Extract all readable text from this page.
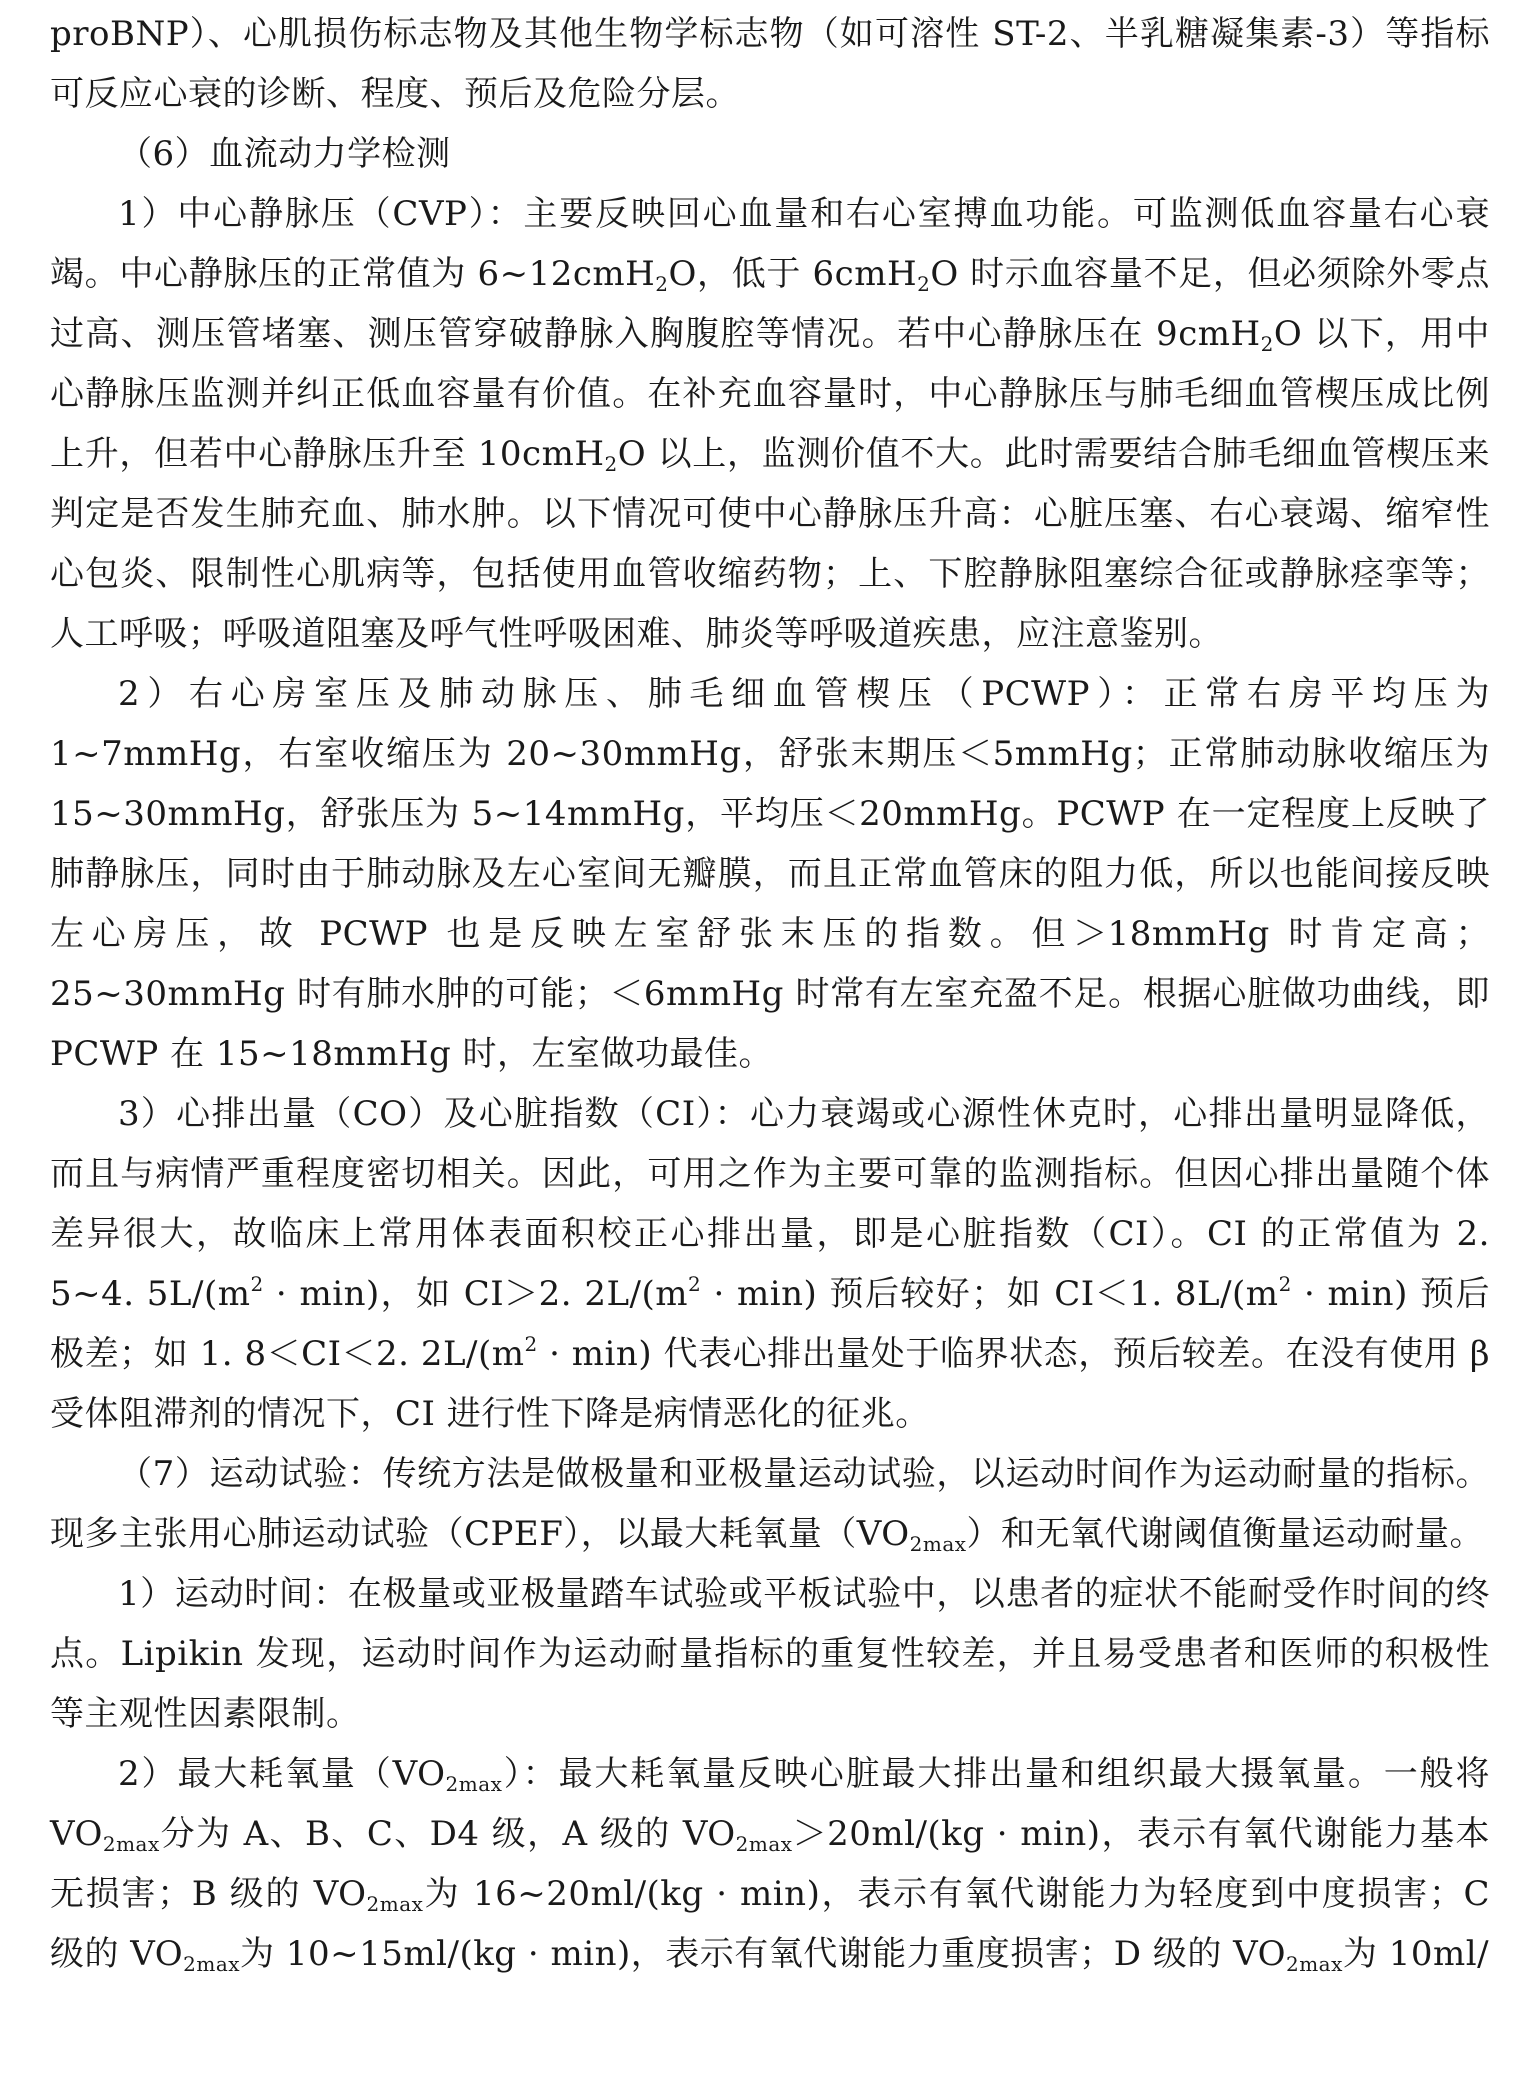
proBNP）、心肌损伤标志物及其他生物学标志物（如可溶性 ST-2、半乳糖凝集素-3）等指标可反应心衰的诊断、程度、预后及危险分层。

（6）血流动力学检测

1）中心静脉压（CVP）：主要反映回心血量和右心室搏血功能。可监测低血容量右心衰竭。中心静脉压的正常值为 6~12cmH$_2$O，低于 6cmH$_2$O 时示血容量不足，但必须除外零点过高、测压管堵塞、测压管穿破静脉入胸腹腔等情况。若中心静脉压在 9cmH$_2$O 以下，用中心静脉压监测并纠正低血容量有价值。在补充血容量时，中心静脉压与肺毛细血管楔压成比例上升，但若中心静脉压升至 10cmH$_2$O 以上，监测价值不大。此时需要结合肺毛细血管楔压来判定是否发生肺充血、肺水肿。以下情况可使中心静脉压升高：心脏压塞、右心衰竭、缩窄性心包炎、限制性心肌病等，包括使用血管收缩药物；上、下腔静脉阻塞综合征或静脉痉挛等；人工呼吸；呼吸道阻塞及呼气性呼吸困难、肺炎等呼吸道疾患，应注意鉴别。

2）右心房室压及肺动脉压、肺毛细血管楔压（PCWP）：正常右房平均压为 1~7mmHg，右室收缩压为 20~30mmHg，舒张末期压＜5mmHg；正常肺动脉收缩压为 15~30mmHg，舒张压为 5~14mmHg，平均压＜20mmHg。PCWP 在一定程度上反映了肺静脉压，同时由于肺动脉及左心室间无瓣膜，而且正常血管床的阻力低，所以也能间接反映左心房压，故 PCWP 也是反映左室舒张末压的指数。但＞18mmHg 时肯定高；25~30mmHg 时有肺水肿的可能；＜6mmHg 时常有左室充盈不足。根据心脏做功曲线，即 PCWP 在 15~18mmHg 时，左室做功最佳。

3）心排出量（CO）及心脏指数（CI）：心力衰竭或心源性休克时，心排出量明显降低，而且与病情严重程度密切相关。因此，可用之作为主要可靠的监测指标。但因心排出量随个体差异很大，故临床上常用体表面积校正心排出量，即是心脏指数（CI）。CI 的正常值为 2. 5~4. $5L/(m^2 \cdot \min)$，如 CI＞2. $2L/(m^2 \cdot \min)$ 预后较好；如 CI＜1. $8L/(m^2 \cdot \min)$ 预后极差；如 1. 8＜CI＜2. $2L/(m^2 \cdot \min)$ 代表心排出量处于临界状态，预后较差。在没有使用 β 受体阻滞剂的情况下，CI 进行性下降是病情恶化的征兆。

（7）运动试验：传统方法是做极量和亚极量运动试验，以运动时间作为运动耐量的指标。现多主张用心肺运动试验（CPEF），以最大耗氧量$(VO_{2max})$和无氧代谢阈值衡量运动耐量。

1）运动时间：在极量或亚极量踏车试验或平板试验中，以患者的症状不能耐受作时间的终点。Lipikin 发现，运动时间作为运动耐量指标的重复性较差，并且易受患者和医师的积极性等主观性因素限制。

2）最大耗氧量$(VO_{2max})$：最大耗氧量反映心脏最大排出量和组织最大摄氧量。一般将 $VO_{2max}$分为 A、B、C、D4 级，A 级的 $VO_{2max}>20ml/(kg \cdot \min)$，表示有氧代谢能力基本无损害；B 级的 $VO_{2max}$为 16~20ml/(kg · min)，表示有氧代谢能力为轻度到中度损害；C 级的 $VO_{2max}$为 10~15ml/(kg · min)，表示有氧代谢能力重度损害；D 级的 $VO_{2max}$为 10ml/
